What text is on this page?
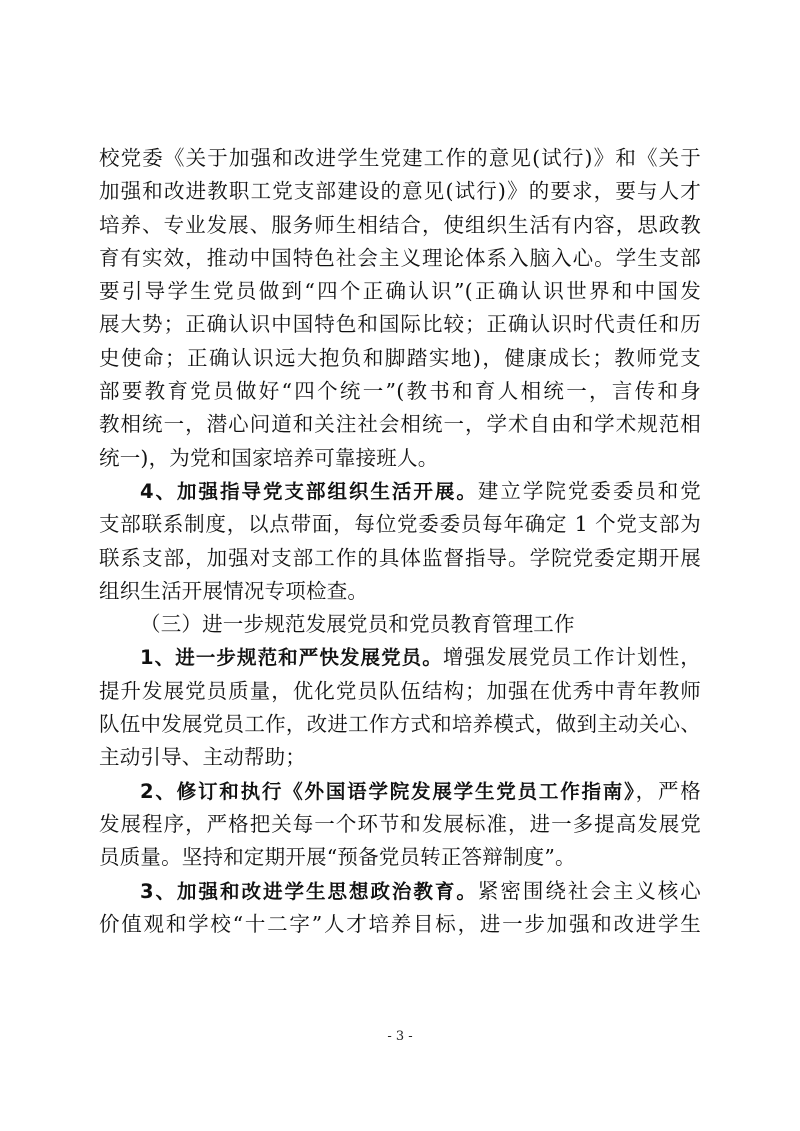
校党委《关于加强和改进学生党建工作的意见(试行)》和《关于
加强和改进教职工党支部建设的意见(试行)》的要求，要与人才
培养、专业发展、服务师生相结合，使组织生活有内容，思政教
育有实效，推动中国特色社会主义理论体系入脑入心。学生支部
要引导学生党员做到“四个正确认识”(正确认识世界和中国发
展大势；正确认识中国特色和国际比较；正确认识时代责任和历
史使命；正确认识远大抱负和脚踏实地)，健康成长；教师党支
部要教育党员做好“四个统一”(教书和育人相统一，言传和身
教相统一，潜心问道和关注社会相统一，学术自由和学术规范相
统一)，为党和国家培养可靠接班人。
4、加强指导党支部组织生活开展。建立学院党委委员和党
支部联系制度，以点带面，每位党委委员每年确定 1 个党支部为
联系支部，加强对支部工作的具体监督指导。学院党委定期开展
组织生活开展情况专项检查。
（三）进一步规范发展党员和党员教育管理工作
1、进一步规范和严快发展党员。增强发展党员工作计划性，
提升发展党员质量，优化党员队伍结构；加强在优秀中青年教师
队伍中发展党员工作，改进工作方式和培养模式，做到主动关心、
主动引导、主动帮助；
2、修订和执行《外国语学院发展学生党员工作指南》，严格
发展程序，严格把关每一个环节和发展标准，进一多提高发展党
员质量。坚持和定期开展“预备党员转正答辩制度”。
3、加强和改进学生思想政治教育。紧密围绕社会主义核心
价值观和学校“十二字”人才培养目标，进一步加强和改进学生
- 3 -
